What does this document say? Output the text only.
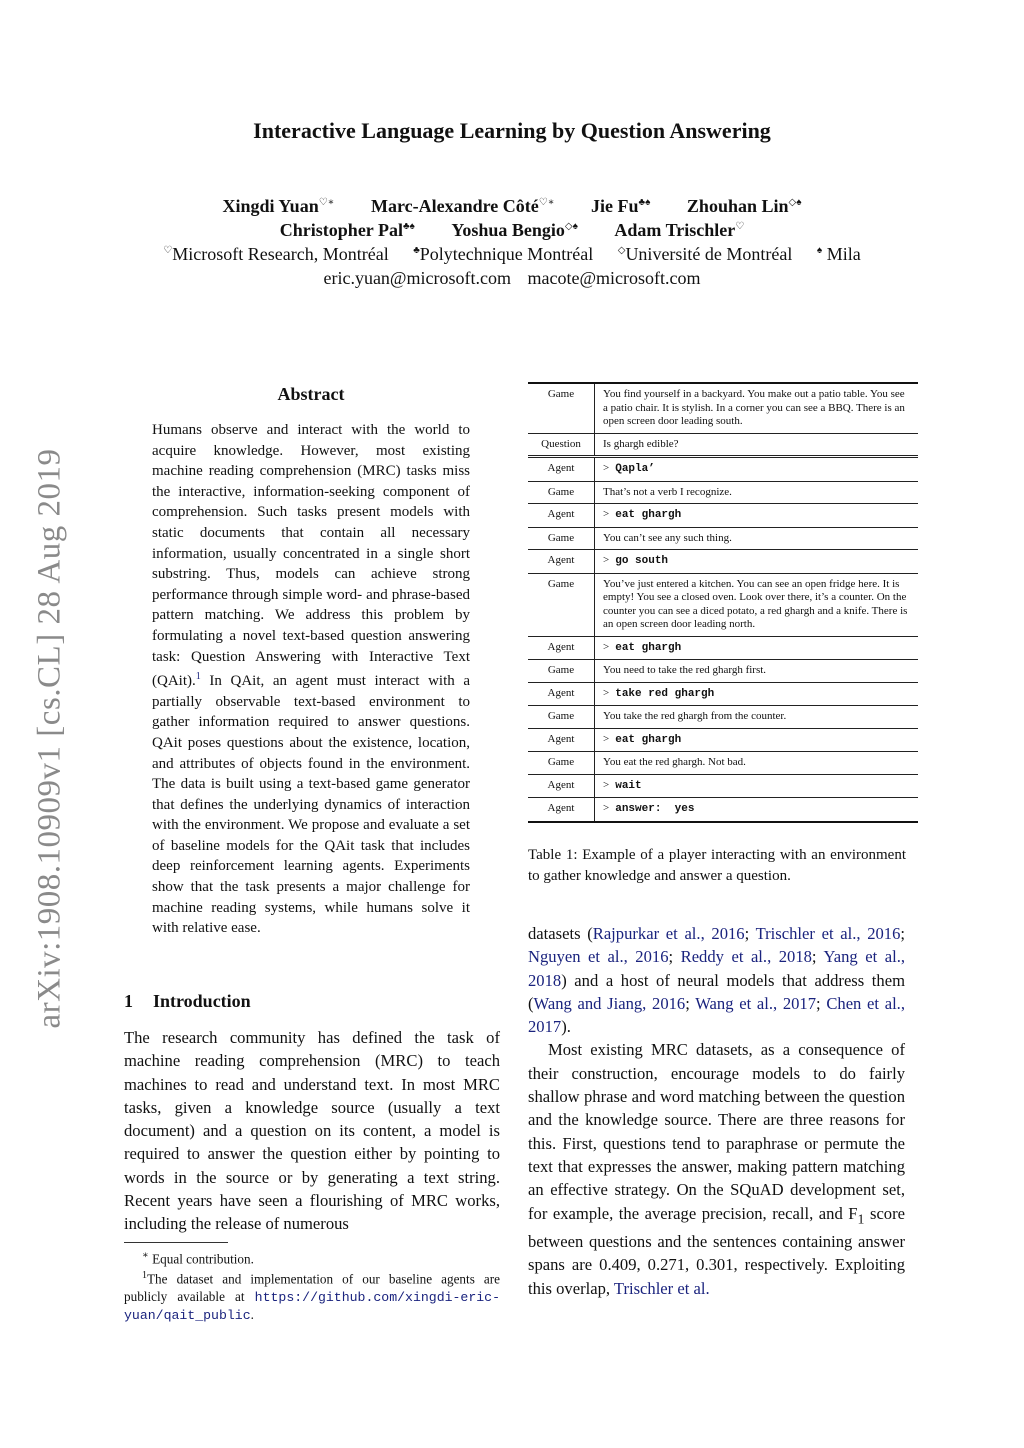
arXiv:1908.10909v1 [cs.CL] 28 Aug 2019
Interactive Language Learning by Question Answering
Xingdi Yuan♡∗ Marc-Alexandre Côté♡∗ Jie Fu♣♠ Zhouhan Lin◇♠
Christopher Pal♣♠ Yoshua Bengio◇♠ Adam Trischler♡
♡Microsoft Research, Montréal ♣Polytechnique Montréal ◇Université de Montréal ♠ Mila
eric.yuan@microsoft.com macote@microsoft.com
Abstract
Humans observe and interact with the world to acquire knowledge. However, most existing machine reading comprehension (MRC) tasks miss the interactive, information-seeking component of comprehension. Such tasks present models with static documents that contain all necessary information, usually concentrated in a single short substring. Thus, models can achieve strong performance through simple word- and phrase-based pattern matching. We address this problem by formulating a novel text-based question answering task: Question Answering with Interactive Text (QAit).$^1$ In QAit, an agent must interact with a partially observable text-based environment to gather information required to answer questions. QAit poses questions about the existence, location, and attributes of objects found in the environment. The data is built using a text-based game generator that defines the underlying dynamics of interaction with the environment. We propose and evaluate a set of baseline models for the QAit task that includes deep reinforcement learning agents. Experiments show that the task presents a major challenge for machine reading systems, while humans solve it with relative ease.
1 Introduction
The research community has defined the task of machine reading comprehension (MRC) to teach machines to read and understand text. In most MRC tasks, given a knowledge source (usually a text document) and a question on its content, a model is required to answer the question either by pointing to words in the source or by generating a text string. Recent years have seen a flourishing of MRC works, including the release of numerous
∗ Equal contribution.
$^1$The dataset and implementation of our baseline agents are publicly available at https://github.com/xingdi-eric-yuan/qait_public.
Game	You find yourself in a backyard. You make out a patio table. You see a patio chair. It is stylish. In a corner you can see a BBQ. There is an open screen door leading south.
Question	Is ghargh edible?
Agent	> Qapla’
Game	That’s not a verb I recognize.
Agent	> eat ghargh
Game	You can’t see any such thing.
Agent	> go south
Game	You’ve just entered a kitchen. You can see an open fridge here. It is empty! You see a closed oven. Look over there, it’s a counter. On the counter you can see a diced potato, a red ghargh and a knife. There is an open screen door leading north.
Agent	> eat ghargh
Game	You need to take the red ghargh first.
Agent	> take red ghargh
Game	You take the red ghargh from the counter.
Agent	> eat ghargh
Game	You eat the red ghargh. Not bad.
Agent	> wait
Agent	> answer:  yes
Table 1: Example of a player interacting with an environment to gather knowledge and answer a question.

datasets (Rajpurkar et al., 2016; Trischler et al., 2016; Nguyen et al., 2016; Reddy et al., 2018; Yang et al., 2018) and a host of neural models that address them (Wang and Jiang, 2016; Wang et al., 2017; Chen et al., 2017).

Most existing MRC datasets, as a consequence of their construction, encourage models to do fairly shallow phrase and word matching between the question and the knowledge source. There are three reasons for this. First, questions tend to paraphrase or permute the text that expresses the answer, making pattern matching an effective strategy. On the SQuAD development set, for example, the average precision, recall, and $F_1$ score between questions and the sentences containing answer spans are 0.409, 0.271, 0.301, respectively. Exploiting this overlap, Trischler et al.
